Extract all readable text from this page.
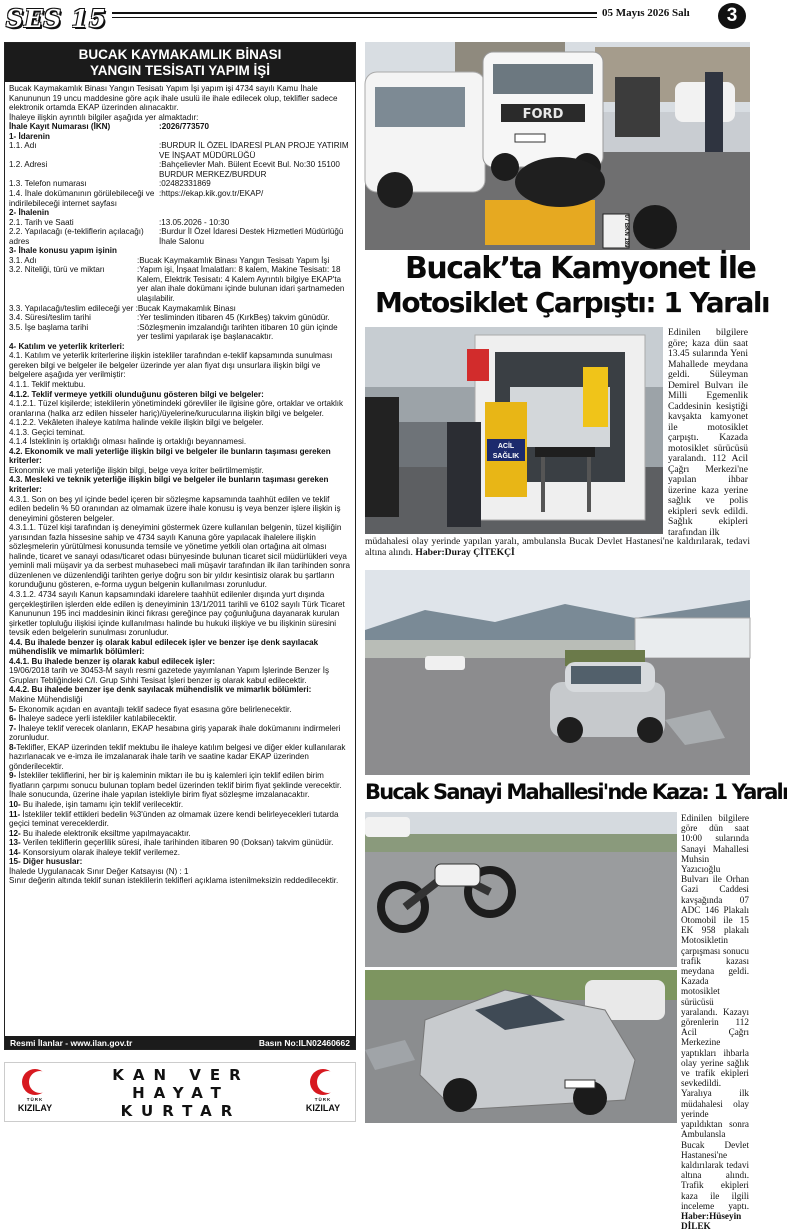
SES 15	05 Mayıs 2026 Salı	3
BUCAK KAYMAKAMLIK BİNASI
YANGIN TESİSATI YAPIM İŞİ

Bucak Kaymakamlık Binası Yangın Tesisatı Yapım İşi yapım işi 4734 sayılı Kamu İhale Kanununun 19 uncu maddesine göre açık ihale usulü ile ihale edilecek olup, teklifler sadece elektronik ortamda EKAP üzerinden alınacaktır.

İhaleye ilişkin ayrıntılı bilgiler aşağıda yer almaktadır:

İhale Kayıt Numarası (İKN)	:2026/773570

1- İdarenin

1.1. Adı	:BURDUR İL ÖZEL İDARESİ PLAN PROJE YATIRIM VE İNŞAAT MÜDÜRLÜĞÜ
1.2. Adresi	:Bahçelievler Mah. Bülent Ecevit Bul. No:30 15100 BURDUR MERKEZ/BURDUR
1.3. Telefon numarası	:02482331869
1.4. İhale dokümanının görülebileceği ve indirilebileceği internet sayfası
:https://ekap.kik.gov.tr/EKAP/

2- İhalenin

2.1. Tarih ve Saati	:13.05.2026 - 10:30
2.2. Yapılacağı (e-tekliflerin açılacağı) adres
:Burdur İl Özel İdaresi Destek Hizmetleri Müdürlüğü İhale Salonu

3- İhale konusu yapım işinin

3.1. Adı	:Bucak Kaymakamlık Binası Yangın Tesisatı Yapım İşi
3.2. Niteliği, türü ve miktarı	:Yapım işi, İnşaat İmalatları: 8 kalem, Makine Tesisatı: 18 Kalem, Elektrik Tesisatı: 4 Kalem Ayrıntılı bilgiye EKAP'ta yer alan ihale dokümanı içinde bulunan idari şartnameden ulaşılabilir.

3.3. Yapılacağı/teslim edileceği yer :Bucak Kaymakamlık Binası

3.4. Süresi/teslim tarihi	:Yer tesliminden itibaren 45 (KırkBeş) takvim günüdür.
3.5. İşe başlama tarihi	:Sözleşmenin imzalandığı tarihten itibaren 10 gün içinde yer teslimi yapılarak işe başlanacaktır.

4- Katılım ve yeterlik kriterleri:

4.1. Katılım ve yeterlik kriterlerine ilişkin istekliler tarafından e-teklif kapsamında sunulması gereken bilgi ve belgeler ile belgeler üzerinde yer alan fiyat dışı unsurlara ilişkin bilgi ve belgelere aşağıda yer verilmiştir:

4.1.1. Teklif mektubu.

4.1.2. Teklif vermeye yetkili olunduğunu gösteren bilgi ve belgeler:

4.1.2.1. Tüzel kişilerde; isteklilerin yönetimindeki görevliler ile ilgisine göre, ortaklar ve ortaklık oranlarına (halka arz edilen hisseler hariç)/üyelerine/kurucularına ilişkin bilgi ve belgeler.

4.1.2.2. Vekâleten ihaleye katılma halinde vekile ilişkin bilgi ve belgeler.

4.1.3. Geçici teminat.

4.1.4 İsteklinin iş ortaklığı olması halinde iş ortaklığı beyannamesi.

4.2. Ekonomik ve mali yeterliğe ilişkin bilgi ve belgeler ile bunların taşıması gereken kriterler:

Ekonomik ve mali yeterliğe ilişkin bilgi, belge veya kriter belirtilmemiştir.

4.3. Mesleki ve teknik yeterliğe ilişkin bilgi ve belgeler ile bunların taşıması gereken kriterler:

4.3.1. Son on beş yıl içinde bedel içeren bir sözleşme kapsamında taahhüt edilen ve teklif edilen bedelin % 50 oranından az olmamak üzere ihale konusu iş veya benzer işlere ilişkin iş deneyimini gösteren belgeler.

4.3.1.1. Tüzel kişi tarafından iş deneyimini göstermek üzere kullanılan belgenin, tüzel kişiliğin yarısından fazla hissesine sahip ve 4734 sayılı Kanuna göre yapılacak ihalelere ilişkin sözleşmelerin yürütülmesi konusunda temsile ve yönetime yetkili olan ortağına ait olması halinde, ticaret ve sanayi odası/ticaret odası bünyesinde bulunan ticaret sicil müdürlükleri veya yeminli mali müşavir ya da serbest muhasebeci mali müşavir tarafından ilk ilan tarihinden sonra düzenlenen ve düzenlendiği tarihten geriye doğru son bir yıldır kesintisiz olarak bu şartların korunduğunu gösteren, e-forma uygun belgenin kullanılması zorunludur.

4.3.1.2. 4734 sayılı Kanun kapsamındaki idarelere taahhüt edilenler dışında yurt dışında gerçekleştirilen işlerden elde edilen iş deneyiminin 13/1/2011 tarihli ve 6102 sayılı Türk Ticaret Kanununun 195 inci maddesinin ikinci fıkrası gereğince pay çoğunluğuna dayanarak kurulan şirketler topluluğu ilişkisi içinde kullanılması halinde bu hukuki ilişkiye ve bu ilişkinin süresini tevsik eden belgelerin sunulması zorunludur.

4.4. Bu ihalede benzer iş olarak kabul edilecek işler ve benzer işe denk sayılacak mühendislik ve mimarlık bölümleri:

4.4.1. Bu ihalede benzer iş olarak kabul edilecek işler:

19/06/2018 tarih ve 30453-M sayılı resmi gazetede yayımlanan Yapım İşlerinde Benzer İş Grupları Tebliğindeki C/I. Grup Sıhhi Tesisat İşleri benzer iş olarak kabul edilecektir.

4.4.2. Bu ihalede benzer işe denk sayılacak mühendislik ve mimarlık bölümleri:

Makine Mühendisliği

5- Ekonomik açıdan en avantajlı teklif sadece fiyat esasına göre belirlenecektir.

6- İhaleye sadece yerli istekliler katılabilecektir.

7- İhaleye teklif verecek olanların, EKAP hesabına giriş yaparak ihale dokümanını indirmeleri zorunludur.

8-Teklifler, EKAP üzerinden teklif mektubu ile ihaleye katılım belgesi ve diğer ekler kullanılarak hazırlanacak ve e-imza ile imzalanarak ihale tarih ve saatine kadar EKAP üzerinden gönderilecektir.

9- İstekliler tekliflerini, her bir iş kaleminin miktarı ile bu iş kalemleri için teklif edilen birim fiyatların çarpımı sonucu bulunan toplam bedel üzerinden teklif birim fiyat şeklinde verecektir. İhale sonucunda, üzerine ihale yapılan istekliyle birim fiyat sözleşme imzalanacaktır.

10- Bu ihalede, işin tamamı için teklif verilecektir.

11- İstekliler teklif ettikleri bedelin %3'ünden az olmamak üzere kendi belirleyecekleri tutarda geçici teminat vereceklerdir.

12- Bu ihalede elektronik eksiltme yapılmayacaktır.

13- Verilen tekliflerin geçerlilik süresi, ihale tarihinden itibaren 90 (Doksan) takvim günüdür.

14- Konsorsiyum olarak ihaleye teklif verilemez.

15- Diğer hususlar:

İhalede Uygulanacak Sınır Değer Katsayısı (N) : 1

Sınır değerin altında teklif sunan isteklilerin teklifleri açıklama istenilmeksizin reddedilecektir.

Resmi İlanlar - www.ilan.gov.tr	Basın No:ILN02460662
TÜRK
KIZILAY
KAN VER
HAYAT
KURTAR
TÜRK
KIZILAY
FORD
07 BKN 189
Bucak’ta Kamyonet İle
Motosiklet Çarpıştı: 1 Yaralı
ACİL
SAĞLIK
Edinilen bilgilere göre; kaza dün saat 13.45 sularında Yeni Mahallede meydana geldi. Süleyman Demirel Bulvarı ile Milli Egemenlik Caddesinin kesiştiği kavşakta kamyonet ile motosiklet çarpıştı. Kazada motosiklet sürücüsü yaralandı. 112 Acil Çağrı Merkezi'ne yapılan ihbar üzerine kaza yerine sağlık ve polis ekipleri sevk edildi. Sağlık ekipleri tarafından ilk
müdahalesi olay yerinde yapılan yaralı, ambulansla Bucak Devlet Hastanesi'ne kaldırılarak, tedavi altına alındı. Haber:Duray ÇİTEKÇİ
Bucak Sanayi Mahallesi'nde Kaza: 1 Yaralı
Edinilen bilgilere göre dün saat 10:00 sularında Sanayi Mahallesi Muhsin Yazıcıoğlu Bulvarı ile Orhan Gazi Caddesi kavşağında 07 ADC 146 Plakalı Otomobil ile 15 EK 958 plakalı Motosikletin çarpışması sonucu trafik kazası meydana geldi. Kazada motosiklet sürücüsü yaralandı. Kazayı görenlerin 112 Acil Çağrı Merkezine yaptıkları ihbarla olay yerine sağlık ve trafik ekipleri sevkedildi. Yaralıya ilk müdahalesi olay yerinde yapıldıktan sonra Ambulansla Bucak Devlet Hastanesi'ne kaldırılarak tedavi altına alındı. Trafik ekipleri kaza ile ilgili inceleme yaptı. Haber:Hüseyin DİLEK
